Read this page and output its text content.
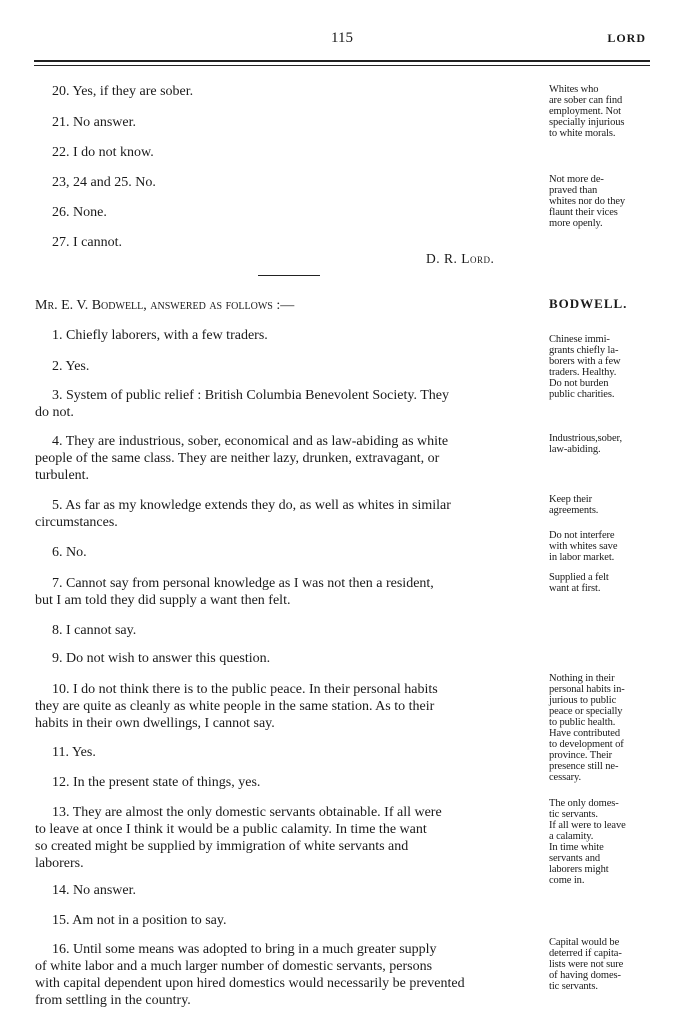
115	LORD
20. Yes, if they are sober.
21. No answer.
22. I do not know.
23, 24 and 25. No.
26. None.
27. I cannot.
D. R. Lord.
Whites who
are sober can find
employment. Not
specially injurious
to white morals.
Not more de-
praved than
whites nor do they
flaunt their vices
more openly.
Mr. E. V. Bodwell, answered as follows :—	BODWELL.
1. Chiefly laborers, with a few traders.
2. Yes.
3. System of public relief : British Columbia Benevolent Society. They
do not.
4. They are industrious, sober, economical and as law-abiding as white
people of the same class. They are neither lazy, drunken, extravagant, or
turbulent.
5. As far as my knowledge extends they do, as well as whites in similar
circumstances.
6. No.
7. Cannot say from personal knowledge as I was not then a resident,
but I am told they did supply a want then felt.
8. I cannot say.
9. Do not wish to answer this question.
10. I do not think there is to the public peace. In their personal habits
they are quite as cleanly as white people in the same station. As to their
habits in their own dwellings, I cannot say.
11. Yes.
12. In the present state of things, yes.
13. They are almost the only domestic servants obtainable. If all were
to leave at once I think it would be a public calamity. In time the want
so created might be supplied by immigration of white servants and
laborers.
14. No answer.
15. Am not in a position to say.
16. Until some means was adopted to bring in a much greater supply
of white labor and a much larger number of domestic servants, persons
with capital dependent upon hired domestics would necessarily be prevented
from settling in the country.
Chinese immi-
grants chiefly la-
borers with a few
traders. Healthy.
Do not burden
public charities.
Industrious,sober,
law-abiding.
Keep their
agreements.
Do not interfere
with whites save
in labor market.
Supplied a felt
want at first.
Nothing in their
personal habits in-
jurious to public
peace or specially
to public health.
Have contributed
to development of
province. Their
presence still ne-
cessary.
The only domes-
tic servants.
If all were to leave
a calamity.
In time white
servants and
laborers might
come in.
Capital would be
deterred if capita-
lists were not sure
of having domes-
tic servants.
